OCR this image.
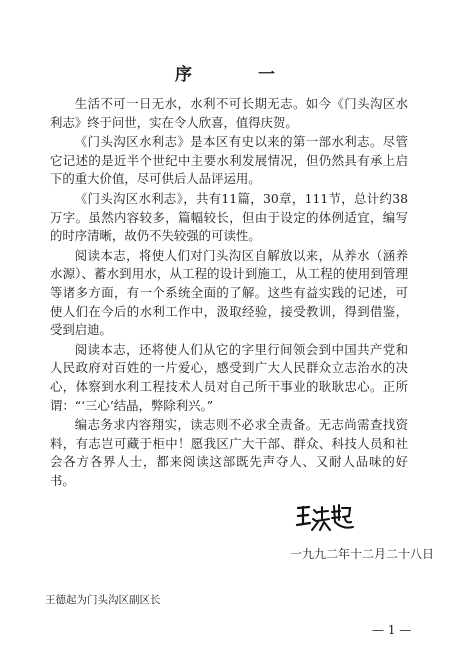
序 一

生活不可一日无水，水利不可长期无志。如今《门头沟区水利志》终于问世，实在令人欣喜，值得庆贺。

《门头沟区水利志》是本区有史以来的第一部水利志。尽管它记述的是近半个世纪中主要水利发展情况，但仍然具有承上启下的重大价值，尽可供后人品评运用。

《门头沟区水利志》，共有11篇，30章，111节，总计约38万字。虽然内容较多，篇幅较长，但由于设定的体例适宜，编写的时序清晰，故仍不失较强的可读性。

阅读本志，将使人们对门头沟区自解放以来，从养水（涵养水源）、蓄水到用水，从工程的设计到施工，从工程的使用到管理等诸多方面，有一个系统全面的了解。这些有益实践的记述，可使人们在今后的水利工作中，汲取经验，接受教训，得到借鉴，受到启迪。

阅读本志，还将使人们从它的字里行间领会到中国共产党和人民政府对百姓的一片爱心，感受到广大人民群众立志治水的决心，体察到水利工程技术人员对自己所干事业的耿耿忠心。正所谓：“‘三心’结晶，弊除利兴。”

编志务求内容翔实，读志则不必求全责备。无志尚需查找资料，有志岂可藏于柜中！愿我区广大干部、群众、科技人员和社会各方各界人士，都来阅读这部既先声夺人、又耐人品味的好书。

一九九二年十二月二十八日
王德起为门头沟区副区长
— 1 —
